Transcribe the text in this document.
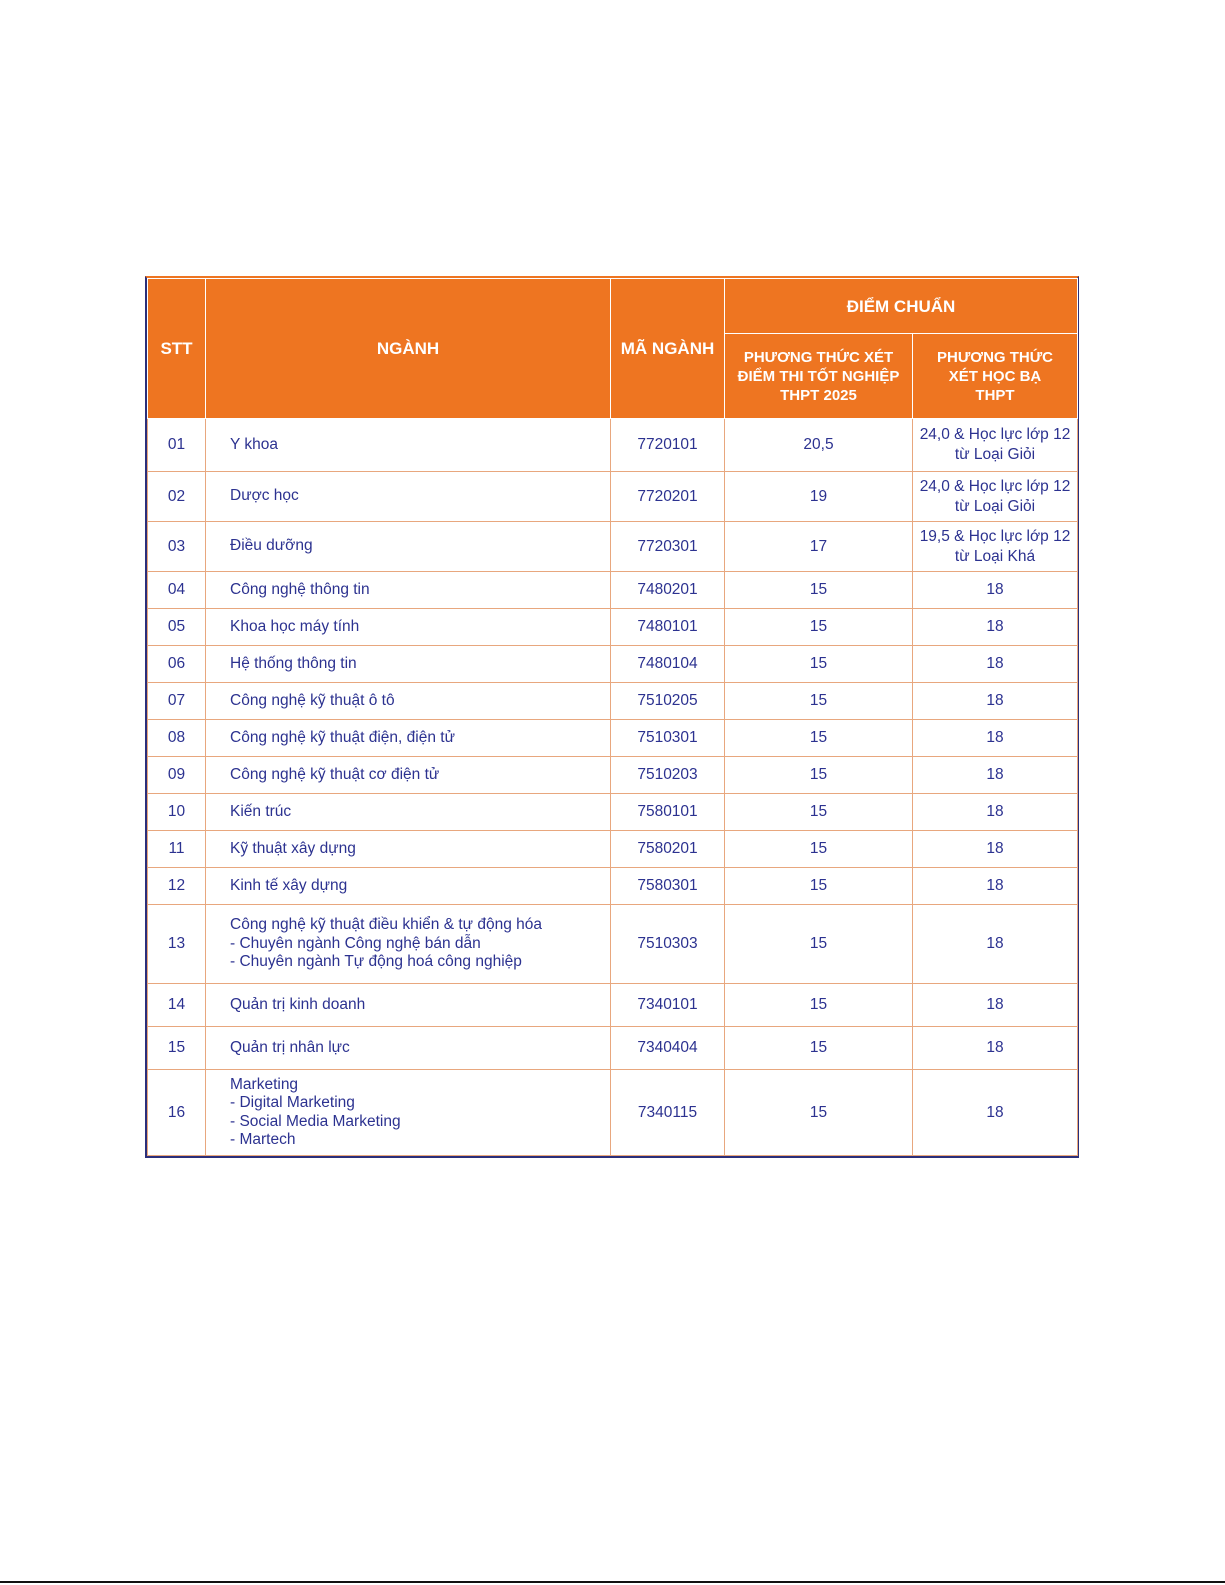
STT	NGÀNH	MÃ NGÀNH	ĐIỂM CHUẨN	

			PHƯƠNG THỨC XÉT
ĐIỂM THI TỐT NGHIỆP
THPT 2025	PHƯƠNG THỨC
XÉT HỌC BẠ
THPT

01	Y khoa	7720101	20,5	24,0 & Học lực lớp 12
từ Loại Giỏi

02	Dược học	7720201	19	24,0 & Học lực lớp 12
từ Loại Giỏi

03	Điều dưỡng	7720301	17	19,5 & Học lực lớp 12
từ Loại Khá

04	Công nghệ thông tin	7480201	15	18
05	Khoa học máy tính	7480101	15	18
06	Hệ thống thông tin	7480104	15	18
07	Công nghệ kỹ thuật ô tô	7510205	15	18
08	Công nghệ kỹ thuật điện, điện tử	7510301	15	18
09	Công nghệ kỹ thuật cơ điện tử	7510203	15	18
10	Kiến trúc	7580101	15	18
11	Kỹ thuật xây dựng	7580201	15	18
12	Kinh tế xây dựng	7580301	15	18
13	Công nghệ kỹ thuật điều khiển & tự động hóa
- Chuyên ngành Công nghệ bán dẫn
- Chuyên ngành Tự động hoá công nghiệp	7510303	15	18
14	Quản trị kinh doanh	7340101	15	18
15	Quản trị nhân lực	7340404	15	18
16	Marketing
- Digital Marketing
- Social Media Marketing
- Martech	7340115	15	18
